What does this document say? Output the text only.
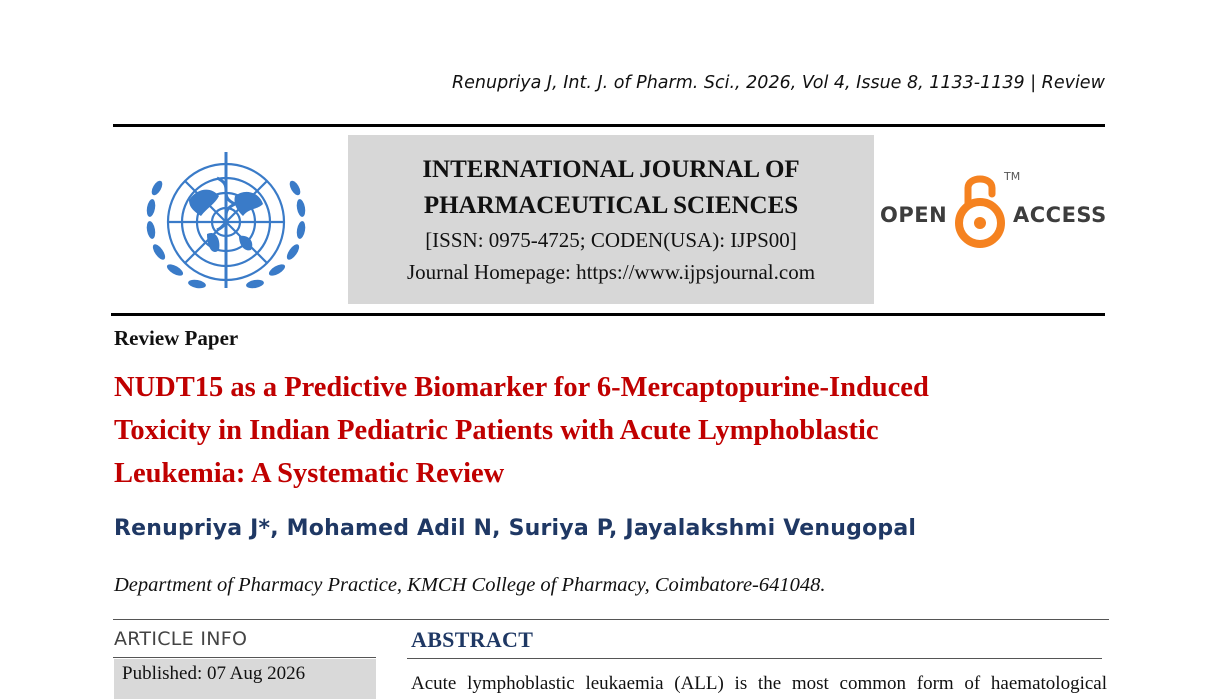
Renupriya J, Int. J. of Pharm. Sci., 2026, Vol 4, Issue 8, 1133-1139 | Review
INTERNATIONAL JOURNAL OF
PHARMACEUTICAL SCIENCES
[ISSN: 0975-4725; CODEN(USA): IJPS00]
Journal Homepage: https://www.ijpsjournal.com
OPEN	ACCESS
TM
Review Paper
NUDT15 as a Predictive Biomarker for 6-Mercaptopurine-Induced
Toxicity in Indian Pediatric Patients with Acute Lymphoblastic
Leukemia: A Systematic Review
Renupriya J*, Mohamed Adil N, Suriya P, Jayalakshmi Venugopal
Department of Pharmacy Practice, KMCH College of Pharmacy, Coimbatore-641048.
ARTICLE INFO
Published: 07 Aug 2026
ABSTRACT
Acute lymphoblastic leukaemia (ALL) is the most common form of haematological
